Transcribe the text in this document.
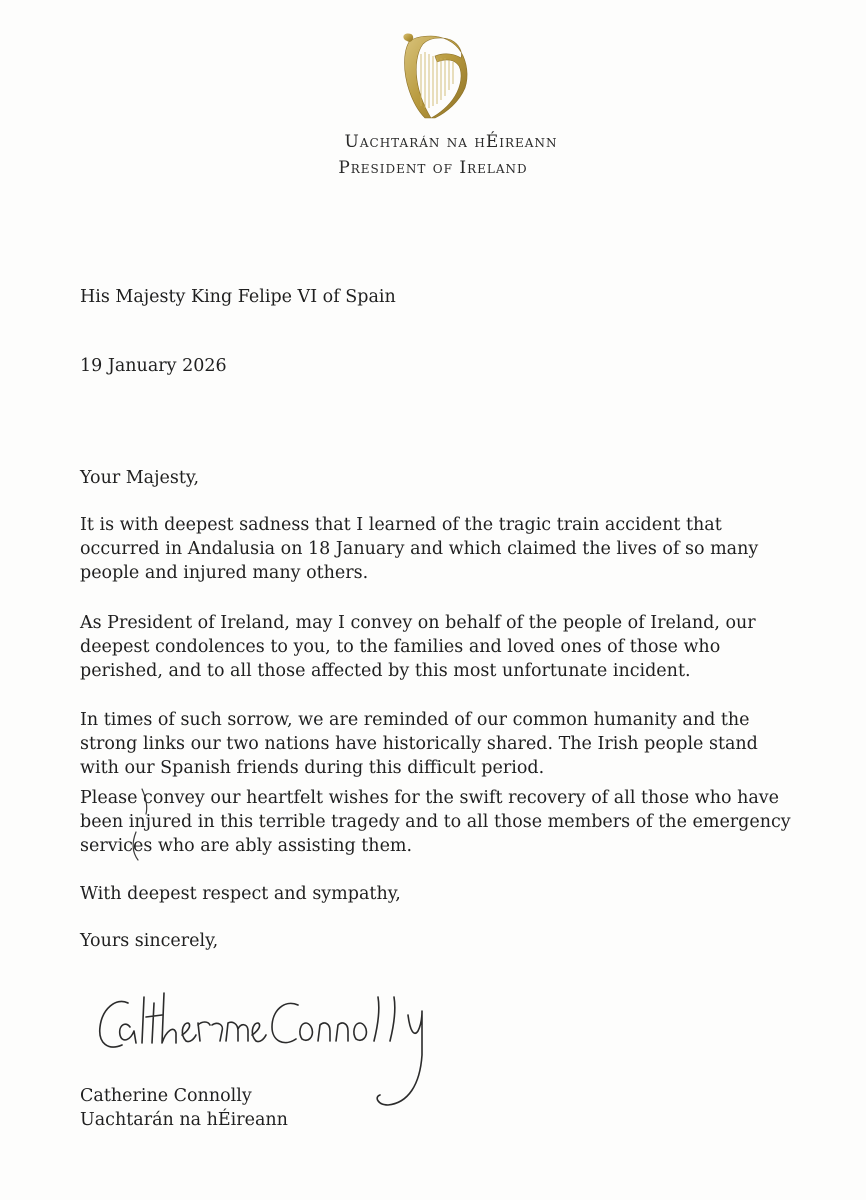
Uachtarán na hÉireann
President of Ireland
His Majesty King Felipe VI of Spain
19 January 2026
Your Majesty,
It is with deepest sadness that I learned of the tragic train accident that occurred in Andalusia on 18 January and which claimed the lives of so many people and injured many others.
As President of Ireland, may I convey on behalf of the people of Ireland, our deepest condolences to you, to the families and loved ones of those who perished, and to all those affected by this most unfortunate incident.
In times of such sorrow, we are reminded of our common humanity and the strong links our two nations have historically shared. The Irish people stand with our Spanish friends during this difficult period.
Please convey our heartfelt wishes for the swift recovery of all those who have been injured in this terrible tragedy and to all those members of the emergency services who are ably assisting them.
With deepest respect and sympathy,
Yours sincerely,
Catherine Connolly
Uachtarán na hÉireann
